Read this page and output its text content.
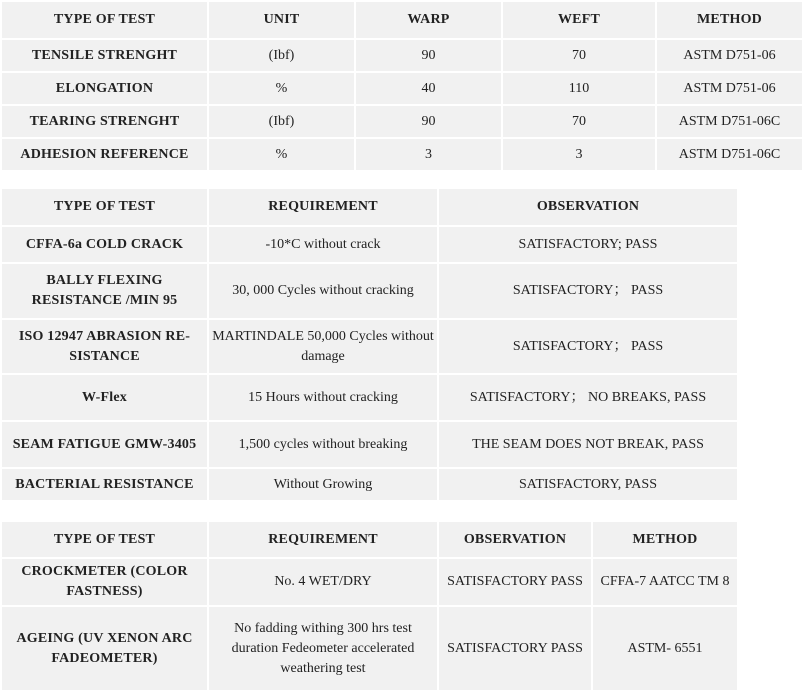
TYPE OF TEST	UNIT	WARP	WEFT	METHOD
TENSILE STRENGHT	(Ibf)	90	70	ASTM D751-06
ELONGATION	%	40	110	ASTM D751-06
TEARING STRENGHT	(Ibf)	90	70	ASTM D751-06C
ADHESION REFERENCE	%	3	3	ASTM D751-06C
TYPE OF TEST	REQUIREMENT	OBSERVATION
CFFA-6a COLD CRACK	-10*C without crack	SATISFACTORY; PASS
BALLY FLEXING RESISTANCE /MIN 95	30, 000 Cycles without cracking	SATISFACTORY； PASS
ISO 12947 ABRASION RE-SISTANCE	MARTINDALE 50,000 Cycles without damage	SATISFACTORY； PASS
W-Flex	15 Hours without cracking	SATISFACTORY； NO BREAKS, PASS
SEAM FATIGUE GMW-3405	1,500 cycles without breaking	THE SEAM DOES NOT BREAK, PASS
BACTERIAL RESISTANCE	Without Growing	SATISFACTORY, PASS
TYPE OF TEST	REQUIREMENT	OBSERVATION	METHOD
CROCKMETER (COLOR FASTNESS)	No. 4 WET/DRY	SATISFACTORY PASS	CFFA-7 AATCC TM 8
AGEING (UV XENON ARC FADEOMETER)	No fadding withing 300 hrs test duration Fedeometer accelerated weathering test	SATISFACTORY PASS	ASTM- 6551
